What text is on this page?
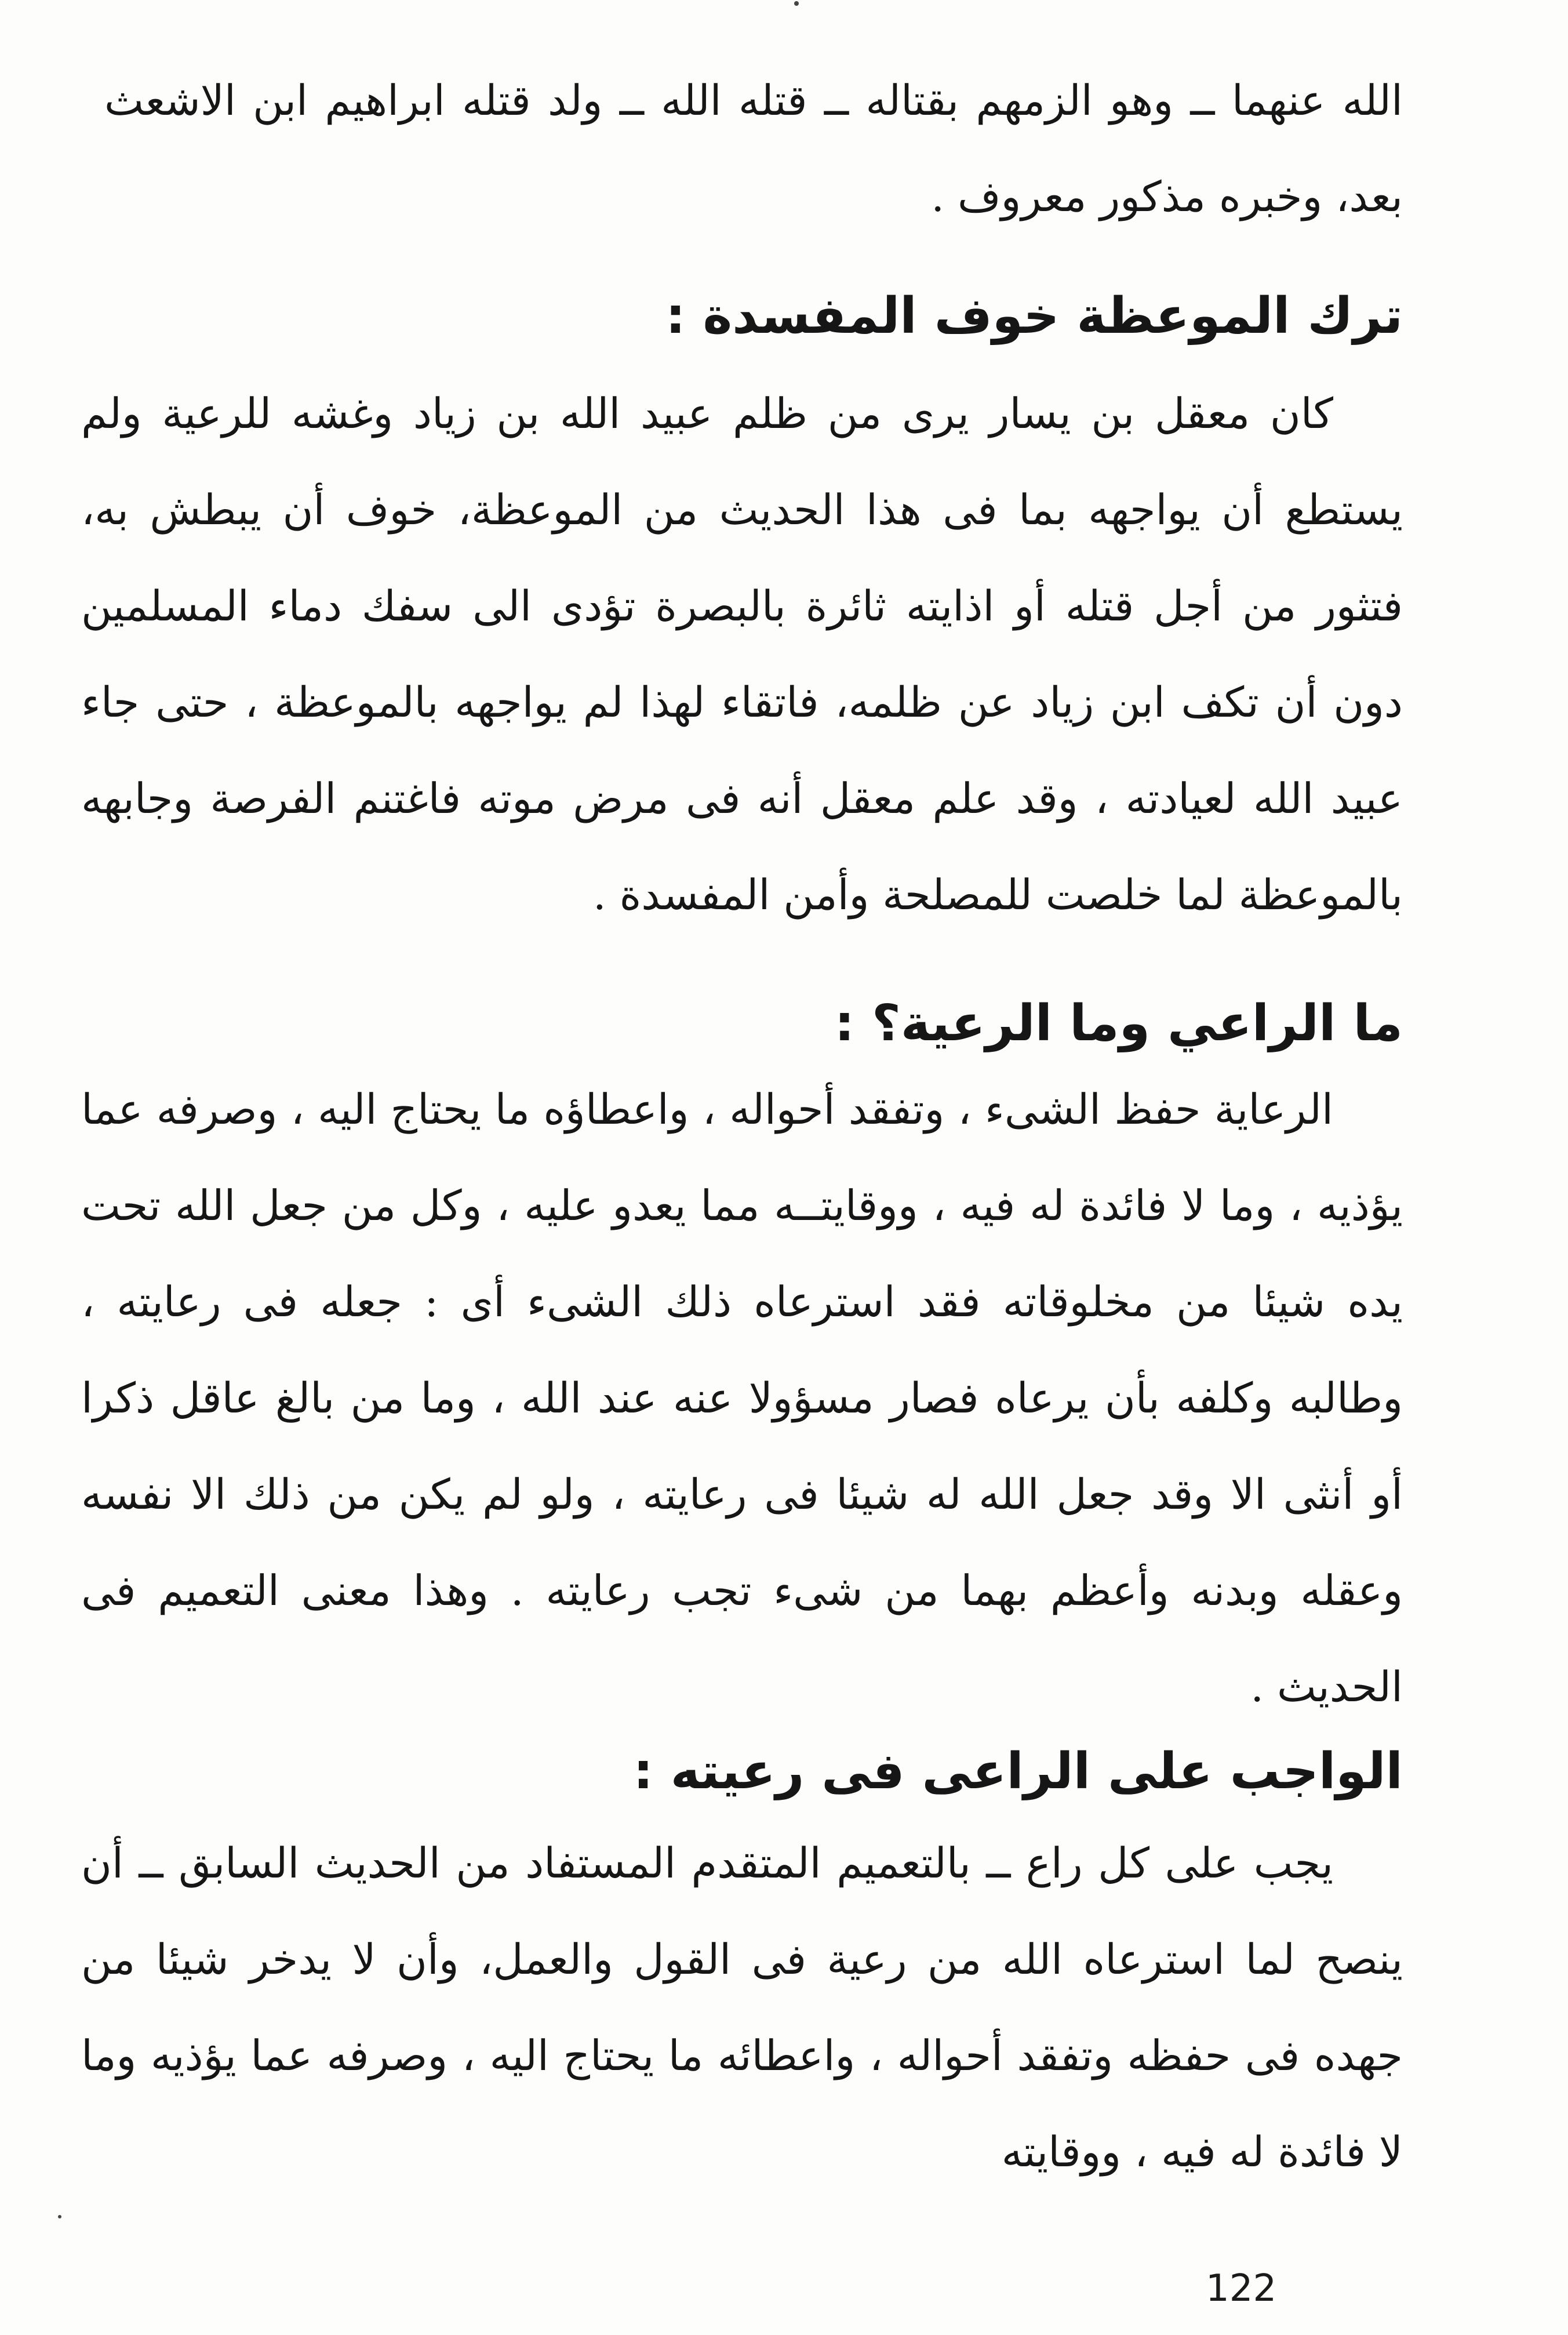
الله عنهما ــ وهو الزمهم بقتاله ــ قتله الله ــ ولد قتله ابراهيم ابن الاشعث بعد، وخبره مذكور معروف .

ترك الموعظة خوف المفسدة :

كان معقل بن يسار يرى من ظلم عبيد الله بن زياد وغشه للرعية ولم يستطع أن يواجهه بما فى هذا الحديث من الموعظة، خوف أن يبطش به، فتثور من أجل قتله أو اذايته ثائرة بالبصرة تؤدى الى سفك دماء المسلمين دون أن تكف ابن زياد عن ظلمه، فاتقاء لهذا لم يواجهه بالموعظة ، حتى جاء عبيد الله لعيادته ، وقد علم معقل أنه فى مرض موته فاغتنم الفرصة وجابهه بالموعظة لما خلصت للمصلحة وأمن المفسدة .

ما الراعي وما الرعية؟ :

الرعاية حفظ الشىء ، وتفقد أحواله ، واعطاؤه ما يحتاج اليه ، وصرفه عما يؤذيه ، وما لا فائدة له فيه ، ووقايتــه مما يعدو عليه ، وكل من جعل الله تحت يده شيئا من مخلوقاته فقد استرعاه ذلك الشىء أى : جعله فى رعايته ، وطالبه وكلفه بأن يرعاه فصار مسؤولا عنه عند الله ، وما من بالغ عاقل ذكرا أو أنثى الا وقد جعل الله له شيئا فى رعايته ، ولو لم يكن من ذلك الا نفسه وعقله وبدنه وأعظم بهما من شىء تجب رعايته . وهذا معنى التعميم فى الحديث .

الواجب على الراعى فى رعيته :

يجب على كل راع ــ بالتعميم المتقدم المستفاد من الحديث السابق ــ أن ينصح لما استرعاه الله من رعية فى القول والعمل، وأن لا يدخر شيئا من جهده فى حفظه وتفقد أحواله ، واعطائه ما يحتاج اليه ، وصرفه عما يؤذيه وما لا فائدة له فيه ، ووقايته

122
